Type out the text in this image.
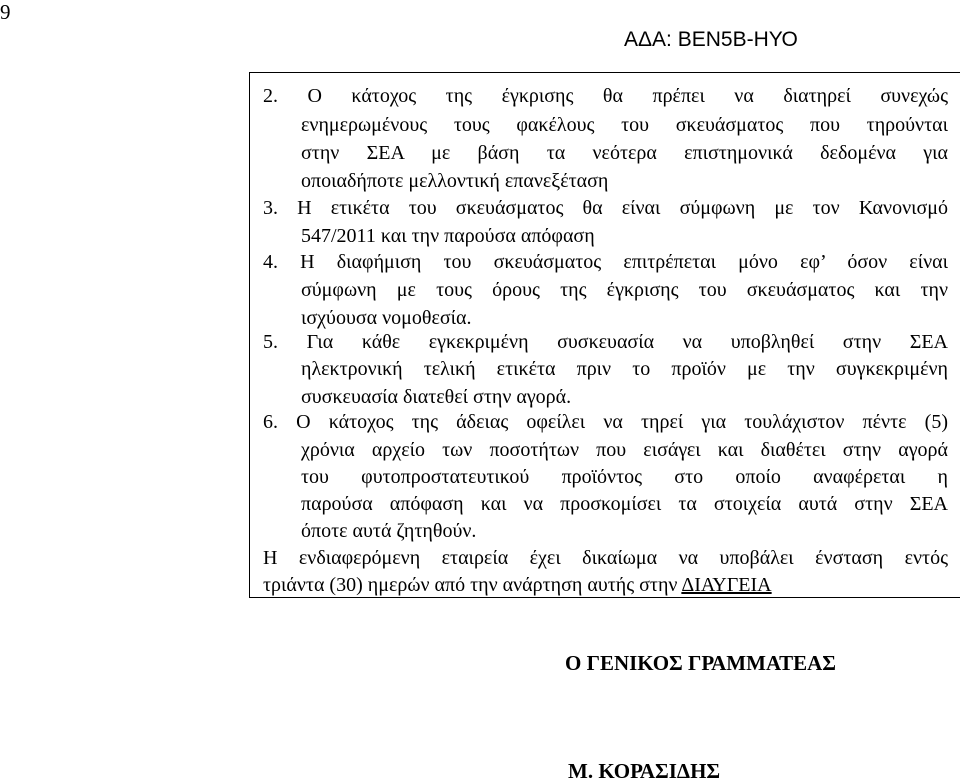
9
ΑΔΑ: ΒΕΝ5Β-ΗΥΟ
2. Ο κάτοχος της έγκρισης θα πρέπει να διατηρεί συνεχώς
ενημερωμένους τους φακέλους του σκευάσματος που τηρούνται
στην ΣΕΑ με βάση τα νεότερα επιστημονικά δεδομένα για
οποιαδήποτε μελλοντική επανεξέταση
3. Η ετικέτα του σκευάσματος θα είναι σύμφωνη με τον Κανονισμό
547/2011 και την παρούσα απόφαση
4. Η διαφήμιση του σκευάσματος επιτρέπεται μόνο εφ’ όσον είναι
σύμφωνη με τους όρους της έγκρισης του σκευάσματος και την
ισχύουσα νομοθεσία.
5. Για κάθε εγκεκριμένη συσκευασία να υποβληθεί στην ΣΕΑ
ηλεκτρονική τελική ετικέτα πριν το προϊόν με την συγκεκριμένη
συσκευασία διατεθεί στην αγορά.
6. Ο κάτοχος της άδειας οφείλει να τηρεί για τουλάχιστον πέντε (5)
χρόνια αρχείο των ποσοτήτων που εισάγει και διαθέτει στην αγορά
του φυτοπροστατευτικού προϊόντος στο οποίο αναφέρεται η
παρούσα απόφαση και να προσκομίσει τα στοιχεία αυτά στην ΣΕΑ
όποτε αυτά ζητηθούν.
Η ενδιαφερόμενη εταιρεία έχει δικαίωμα να υποβάλει ένσταση εντός
τριάντα (30) ημερών από την ανάρτηση αυτής στην ΔΙΑΥΓΕΙΑ
Ο ΓΕΝΙΚΟΣ ΓΡΑΜΜΑΤΕΑΣ
Μ. ΚΟΡΑΣΙΔΗΣ
